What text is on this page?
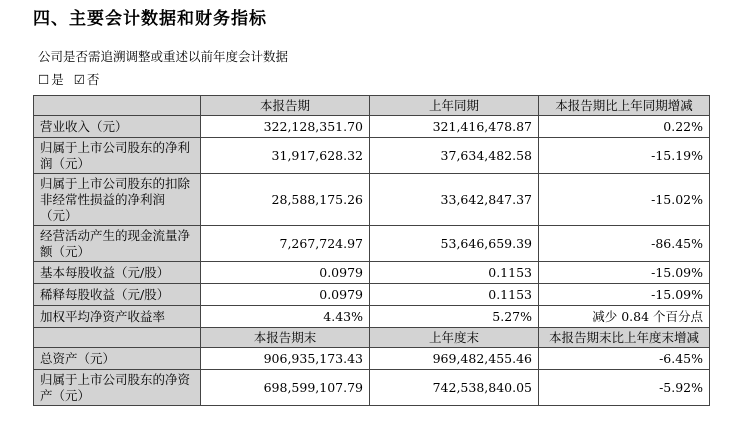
四、主要会计数据和财务指标
公司是否需追溯调整或重述以前年度会计数据
☐ 是 ☑ 否
	本报告期	上年同期	本报告期比上年同期增减
营业收入（元）	322,128,351.70	321,416,478.87	0.22%
归属于上市公司股东的净利润（元）	31,917,628.32	37,634,482.58	-15.19%
归属于上市公司股东的扣除非经常性损益的净利润（元）	28,588,175.26	33,642,847.37	-15.02%
经营活动产生的现金流量净额（元）	7,267,724.97	53,646,659.39	-86.45%
基本每股收益（元/股）	0.0979	0.1153	-15.09%
稀释每股收益（元/股）	0.0979	0.1153	-15.09%
加权平均净资产收益率	4.43%	5.27%	减少 0.84 个百分点
	本报告期末	上年度末	本报告期末比上年度末增减
总资产（元）	906,935,173.43	969,482,455.46	-6.45%
归属于上市公司股东的净资产（元）	698,599,107.79	742,538,840.05	-5.92%
